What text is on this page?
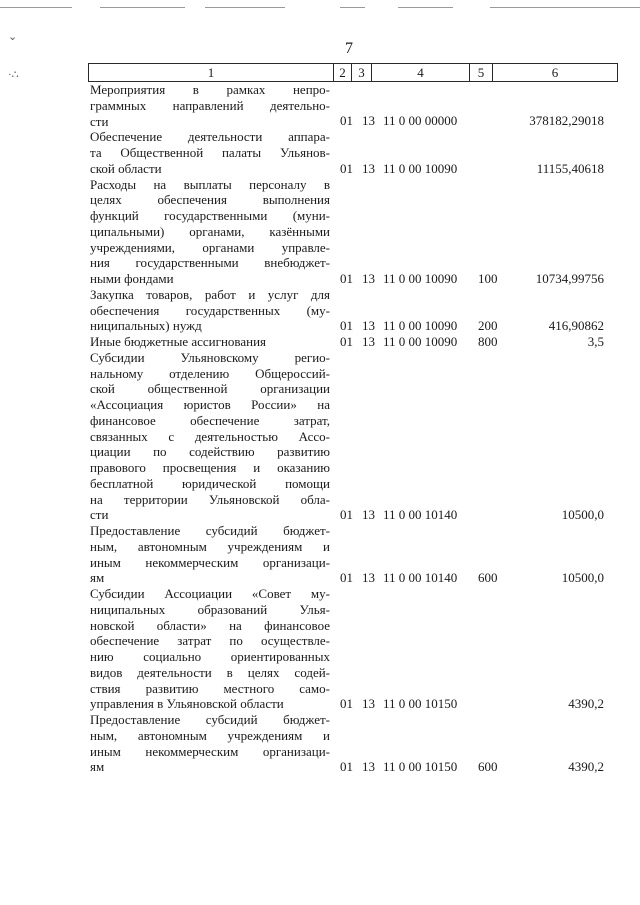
⌄
·∴
7
1	2	3	4	5	6
Мероприятия в рамках непро-
граммных направлений деятельно-
сти	01 13 11 0 00 00000	378182,29018
Обеспечение деятельности аппара-
та Общественной палаты Ульянов-
ской области	01 13 11 0 00 10090	11155,40618
Расходы на выплаты персоналу в
целях обеспечения выполнения
функций государственными (муни-
ципальными) органами, казёнными
учреждениями, органами управле-
ния государственными внебюджет-
ными фондами	01 13 11 0 00 10090 100	10734,99756
Закупка товаров, работ и услуг для
обеспечения государственных (му-
ниципальных) нужд	01 13 11 0 00 10090 200	416,90862
Иные бюджетные ассигнования	01 13 11 0 00 10090 800	3,5
Субсидии Ульяновскому регио-
нальному отделению Общероссий-
ской общественной организации
«Ассоциация юристов России» на
финансовое обеспечение затрат,
связанных с деятельностью Ассо-
циации по содействию развитию
правового просвещения и оказанию
бесплатной юридической помощи
на территории Ульяновской обла-
сти	01 13 11 0 00 10140	10500,0
Предоставление субсидий бюджет-
ным, автономным учреждениям и
иным некоммерческим организаци-
ям	01 13 11 0 00 10140 600	10500,0
Субсидии Ассоциации «Совет му-
ниципальных образований Улья-
новской области» на финансовое
обеспечение затрат по осуществле-
нию социально ориентированных
видов деятельности в целях содей-
ствия развитию местного само-
управления в Ульяновской области	01 13 11 0 00 10150	4390,2
Предоставление субсидий бюджет-
ным, автономным учреждениям и
иным некоммерческим организаци-
ям	01 13 11 0 00 10150 600	4390,2
